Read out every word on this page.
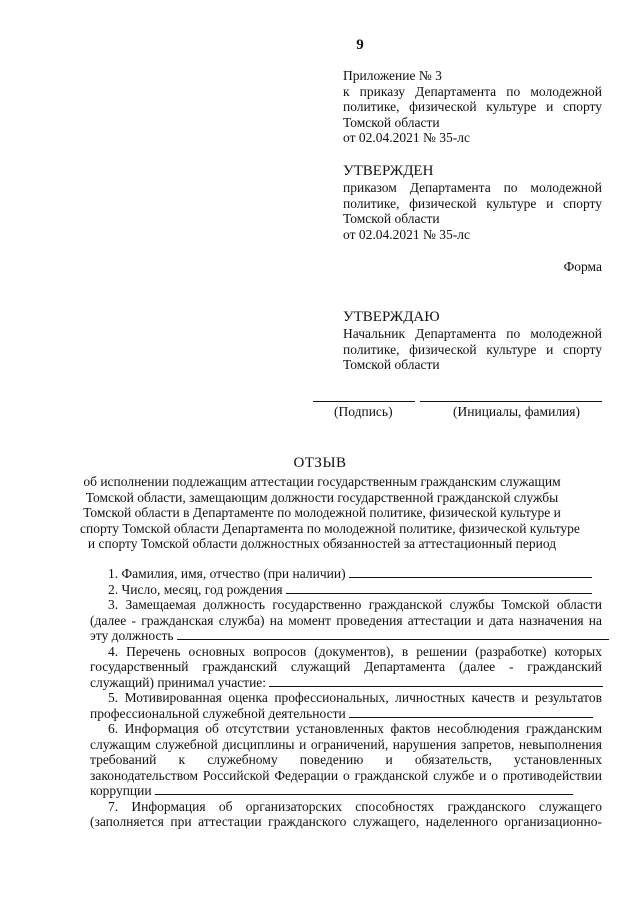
9
Приложение № 3
к приказу Департамента по молодежной
политике, физической культуре и спорту
Томской области
от 02.04.2021 № 35-лс
УТВЕРЖДЕН
приказом Департамента по молодежной
политике, физической культуре и спорту
Томской области
от 02.04.2021 № 35-лс
Форма
УТВЕРЖДАЮ
Начальник Департамента по молодежной
политике, физической культуре и спорту
Томской области
(Подпись)	(Инициалы, фамилия)
ОТЗЫВ
об исполнении подлежащим аттестации государственным гражданским служащим
Томской области, замещающим должности государственной гражданской службы
Томской области в Департаменте по молодежной политике, физической культуре и
спорту Томской области Департамента по молодежной политике, физической культуре
и спорту Томской области должностных обязанностей за аттестационный период
1. Фамилия, имя, отчество (при наличии)
2. Число, месяц, год рождения
3. Замещаемая должность государственно гражданской службы Томской области
(далее - гражданская служба) на момент проведения аттестации и дата назначения на
эту должность
4. Перечень основных вопросов (документов), в решении (разработке) которых
государственный гражданский служащий Департамента (далее - гражданский
служащий) принимал участие:
5. Мотивированная оценка профессиональных, личностных качеств и результатов
профессиональной служебной деятельности
6. Информация об отсутствии установленных фактов несоблюдения гражданским
служащим служебной дисциплины и ограничений, нарушения запретов, невыполнения
требований к служебному поведению и обязательств, установленных
законодательством Российской Федерации о гражданской службе и о противодействии
коррупции
7. Информация об организаторских способностях гражданского служащего
(заполняется при аттестации гражданского служащего, наделенного организационно-
